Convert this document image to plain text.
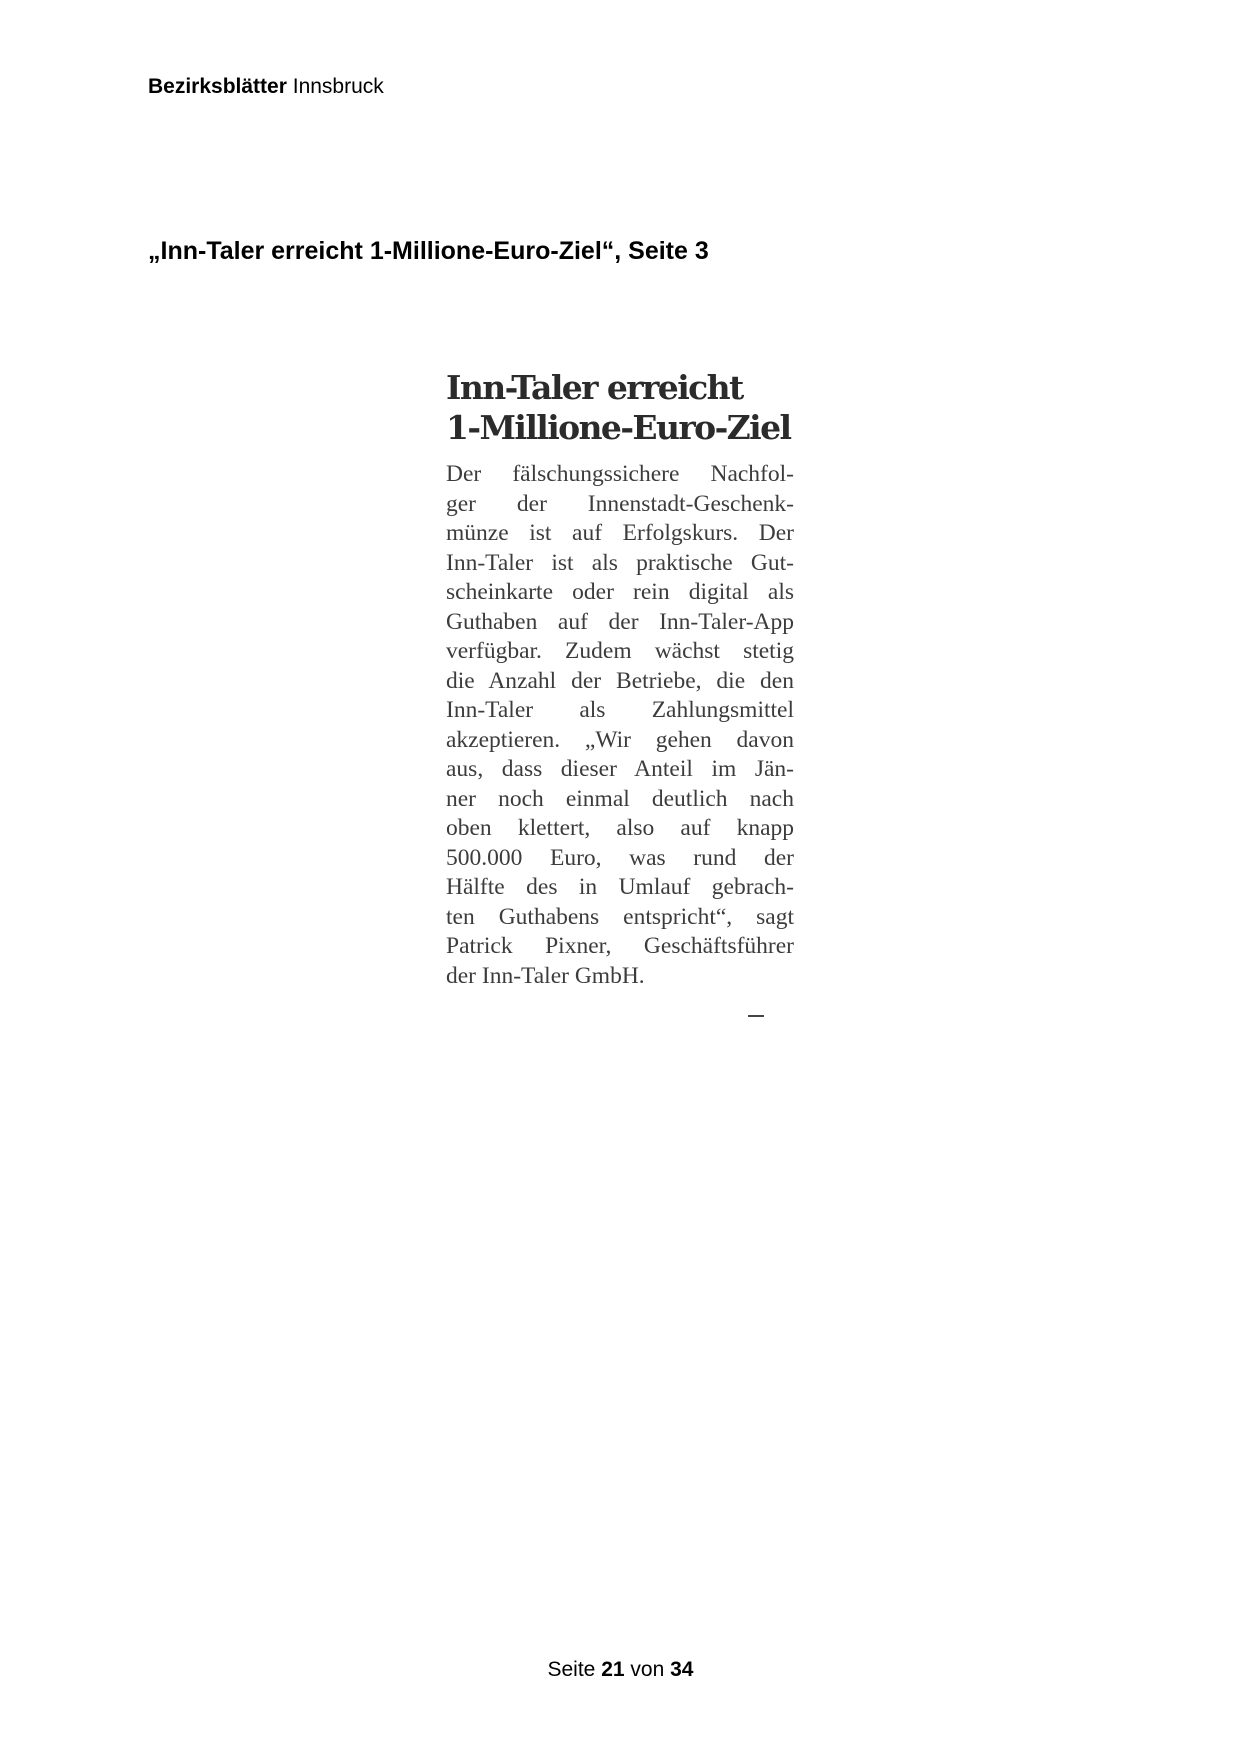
Bezirksblätter Innsbruck
„Inn-Taler erreicht 1-Millione-Euro-Ziel“, Seite 3
Inn-Taler erreicht
1-Millione-Euro-Ziel
Der fälschungssichere Nachfol-
ger der Innenstadt-Geschenk-
münze ist auf Erfolgskurs. Der
Inn-Taler ist als praktische Gut-
scheinkarte oder rein digital als
Guthaben auf der Inn-Taler-App
verfügbar. Zudem wächst stetig
die Anzahl der Betriebe, die den
Inn-Taler als Zahlungsmittel
akzeptieren. „Wir gehen davon
aus, dass dieser Anteil im Jän-
ner noch einmal deutlich nach
oben klettert, also auf knapp
500.000 Euro, was rund der
Hälfte des in Umlauf gebrach-
ten Guthabens entspricht“, sagt
Patrick Pixner, Geschäftsführer
der Inn-Taler GmbH.
Seite 21 von 34
